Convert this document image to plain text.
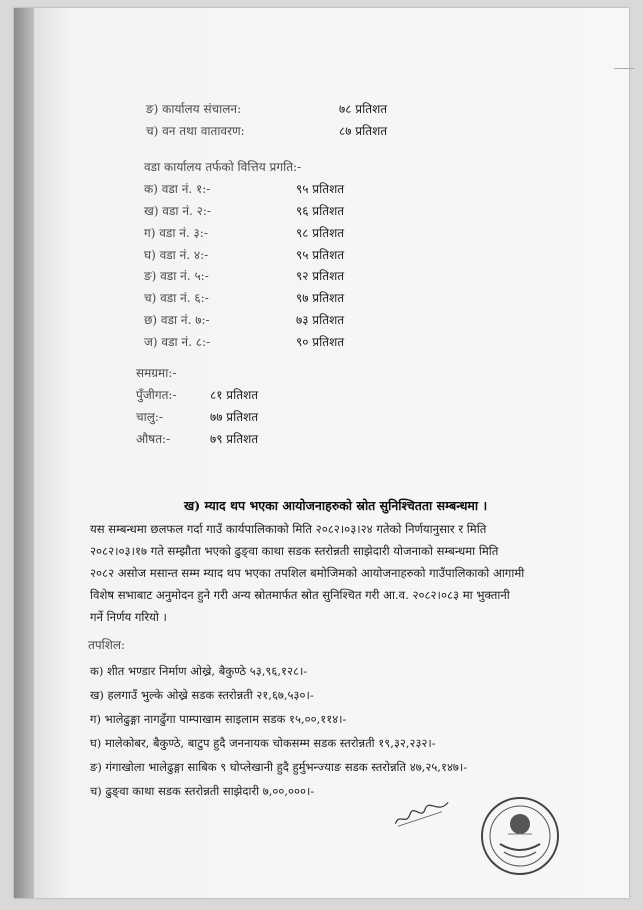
ङ) कार्यालय संचालन:	७८ प्रतिशत
च) वन तथा वातावरण:	८७ प्रतिशत
वडा कार्यालय तर्फको वित्तिय प्रगति:-
क) वडा नं. १:-	९५ प्रतिशत
ख) वडा नं. २:-	९६ प्रतिशत
ग) वडा नं. ३:-	९८ प्रतिशत
घ) वडा नं. ४:-	९५ प्रतिशत
ङ) वडा नं. ५:-	९२ प्रतिशत
च) वडा नं. ६:-	९७ प्रतिशत
छ) वडा नं. ७:-	७३ प्रतिशत
ज) वडा नं. ८:-	९० प्रतिशत
समग्रमा:-
पुँजीगत:-	८१ प्रतिशत
चालु:-	७७ प्रतिशत
औषत:-	७९ प्रतिशत
ख) म्याद थप भएका आयोजनाहरुको स्रोत सुनिश्चितता सम्बन्धमा ।
यस सम्बन्धमा छलफल गर्दा गाउँ कार्यपालिकाको मिति २०८२।०३।२४ गतेको निर्णयानुसार र मिति
२०८२।०३।१७ गते सम्झौता भएको ढुङ्वा काथा सडक स्तरोन्नती साझेदारी योजनाको सम्बन्धमा मिति
२०८२ असोज मसान्त सम्म म्याद थप भएका तपशिल बमोजिमको आयोजनाहरुको गाउँपालिकाको आगामी
विशेष सभाबाट अनुमोदन हुने गरी अन्य स्रोतमार्फत स्रोत सुनिश्चित गरी आ.व. २०८२।०८३ मा भुक्तानी
गर्ने निर्णय गरियो ।
तपशिल:
क) शीत भण्डार निर्माण ओख्रे, बैकुण्ठे ५३,९६,१२८।-
ख) हलगाउँ भुल्के ओख्रे सडक स्तरोन्नती २१,६७,५३०।-
ग) भालेढुङ्गा नागढुँगा पाम्पाखाम साइलाम सडक १५,००,११४।-
घ) मालेकोबर, बैकुण्ठे, बाटुप हुदै जननायक चोकसम्म सडक स्तरोन्नती १९,३२,२३२।-
ङ) गंगाखोला भालेढुङ्गा साबिक ९ घोप्लेखानी हुदै हुर्मुभन्ज्याङ सडक स्तरोन्नति ४७,२५,१४७।-
च) ढुङ्वा काथा सडक स्तरोन्नती साझेदारी ७,००,०००।-
